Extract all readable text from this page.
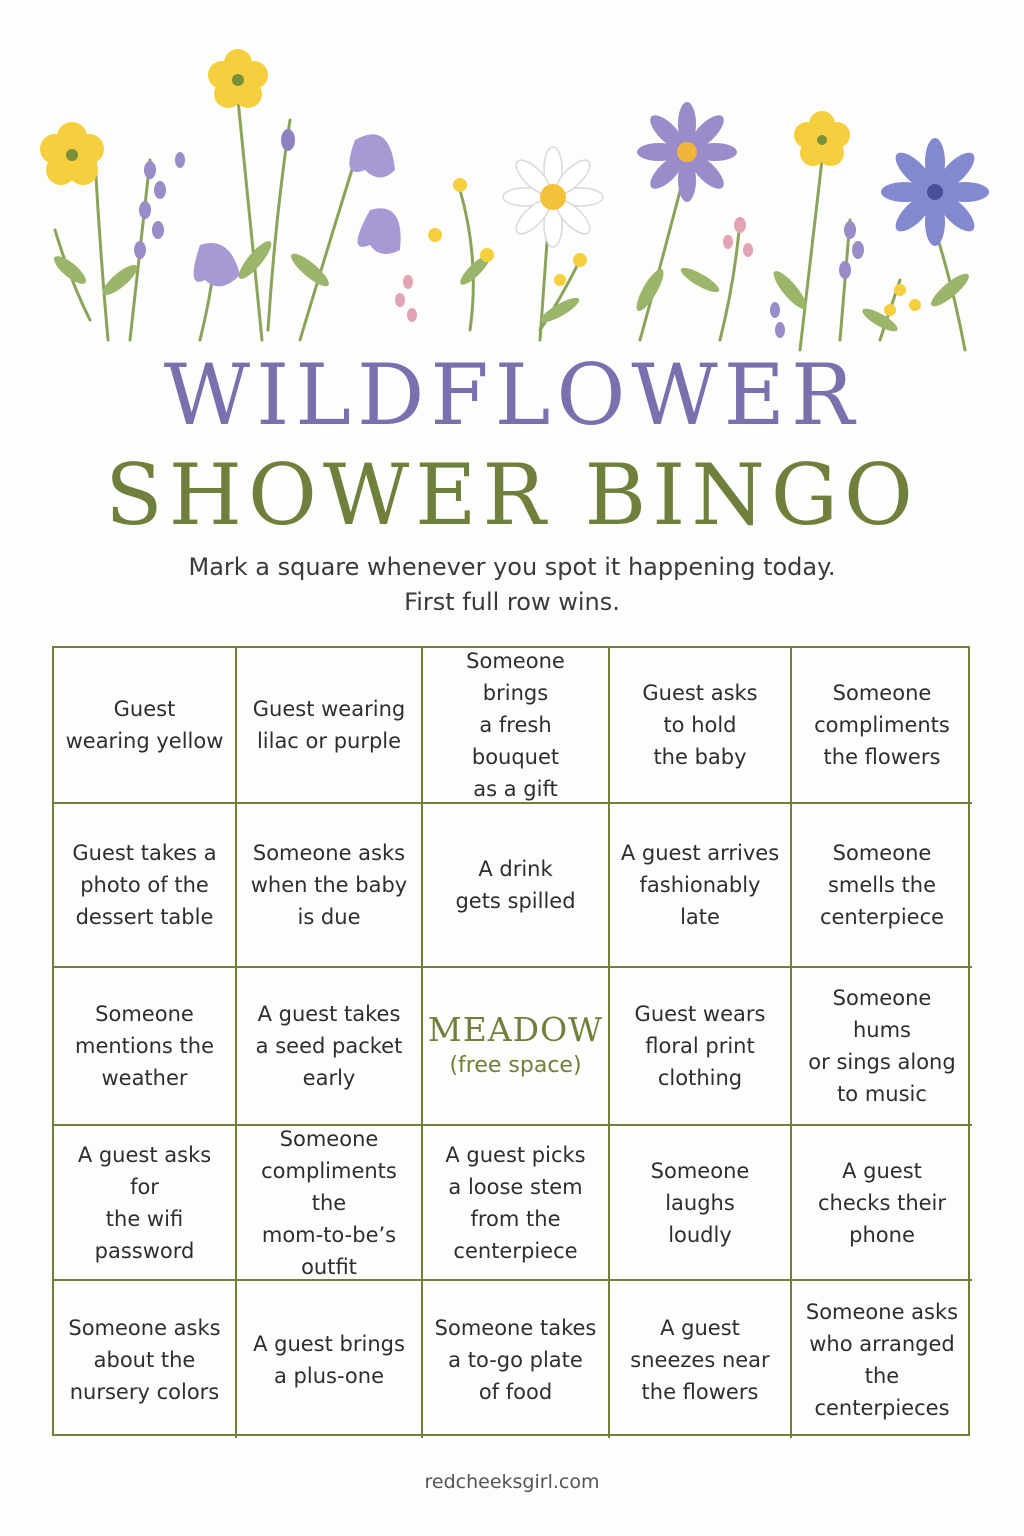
WILDFLOWER
SHOWER BINGO
Mark a square whenever you spot it happening today.
First full row wins.
Guest
wearing yellow
Guest wearing
lilac or purple
Someone brings
a fresh bouquet
as a gift
Guest asks
to hold
the baby
Someone
compliments
the flowers
Guest takes a
photo of the
dessert table
Someone asks
when the baby
is due
A drink
gets spilled
A guest arrives
fashionably
late
Someone
smells the
centerpiece
Someone
mentions the
weather
A guest takes
a seed packet
early
MEADOW
(free space)
Guest wears
floral print
clothing
Someone hums
or sings along
to music
A guest asks for
the wifi
password
Someone
compliments the
mom-to-be’s
outfit
A guest picks
a loose stem
from the
centerpiece
Someone
laughs
loudly
A guest
checks their
phone
Someone asks
about the
nursery colors
A guest brings
a plus-one
Someone takes
a to-go plate
of food
A guest
sneezes near
the flowers
Someone asks
who arranged
the
centerpieces
redcheeksgirl.com
